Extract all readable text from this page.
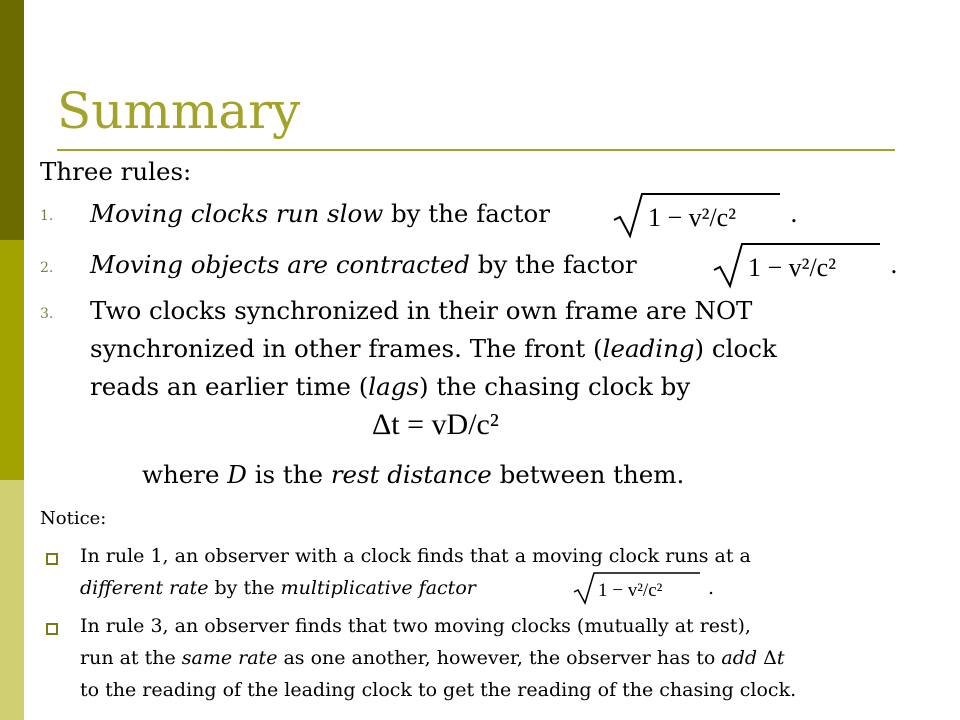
Summary
Three rules:
1. Moving clocks run slow by the factor	1 − v²/c² .
2. Moving objects are contracted by the factor	1 − v²/c² .
3. Two clocks synchronized in their own frame are NOT
synchronized in other frames. The front (leading) clock
reads an earlier time (lags) the chasing clock by
Δt = vD/c²
where D is the rest distance between them.
Notice:
In rule 1, an observer with a clock finds that a moving clock runs at a
different rate by the multiplicative factor	1 − v²/c² .
In rule 3, an observer finds that two moving clocks (mutually at rest),
run at the same rate as one another, however, the observer has to add Δt
to the reading of the leading clock to get the reading of the chasing clock.
